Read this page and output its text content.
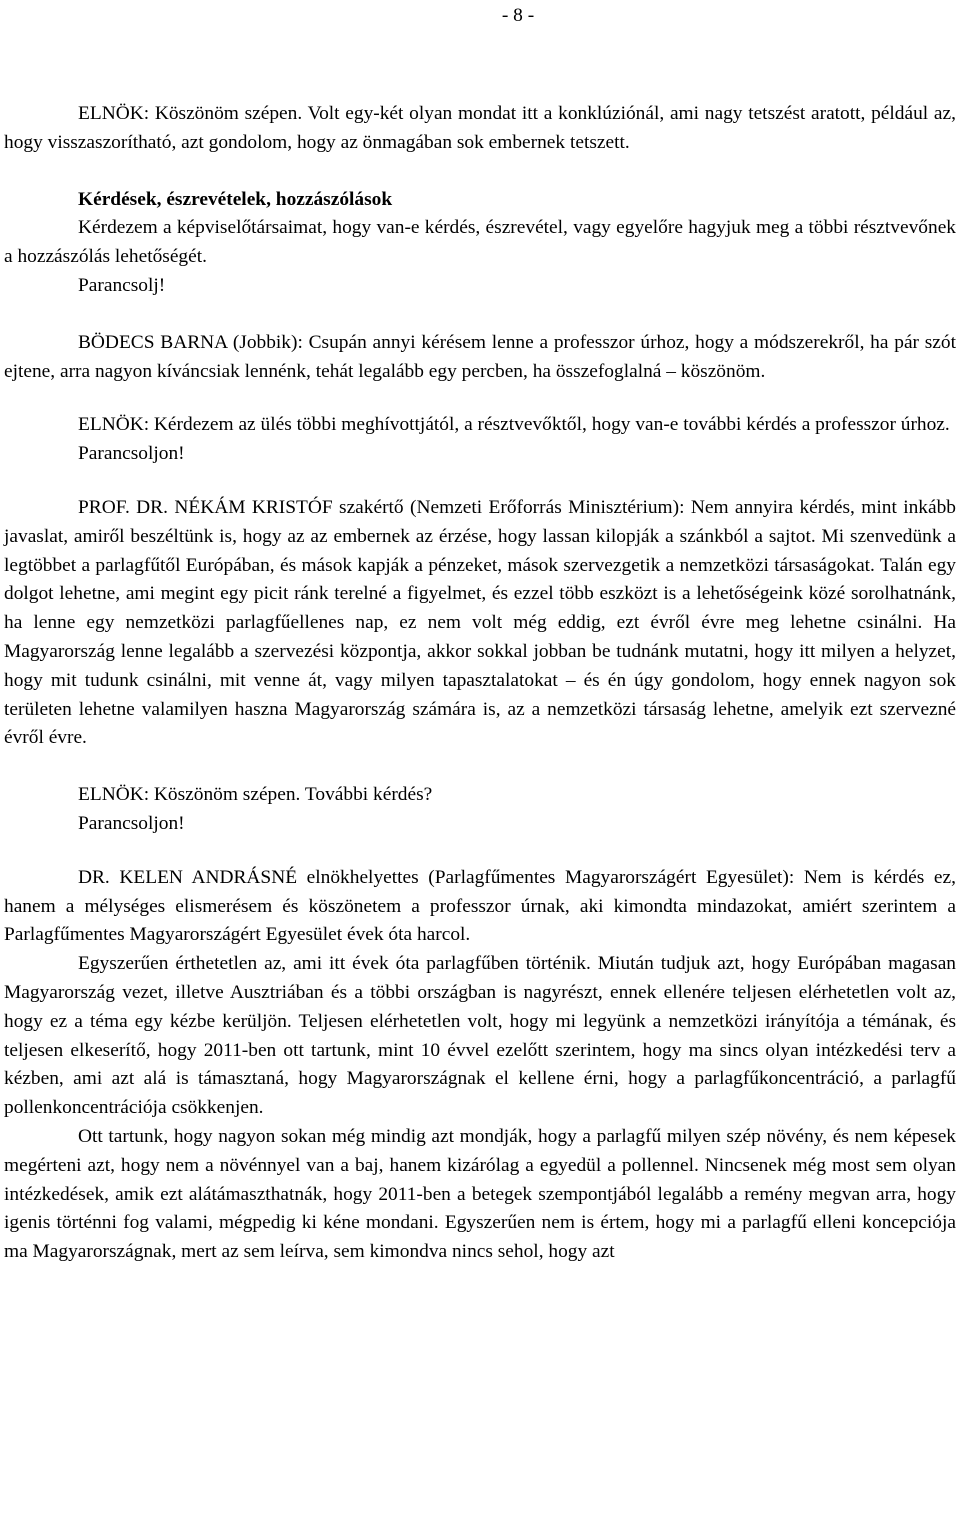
- 8 -

ELNÖK: Köszönöm szépen. Volt egy-két olyan mondat itt a konklúziónál, ami nagy tetszést aratott, például az, hogy visszaszorítható, azt gondolom, hogy az önmagában sok embernek tetszett.

Kérdések, észrevételek, hozzászólások

Kérdezem a képviselőtársaimat, hogy van-e kérdés, észrevétel, vagy egyelőre hagyjuk meg a többi résztvevőnek a hozzászólás lehetőségét.

Parancsolj!

BÖDECS BARNA (Jobbik): Csupán annyi kérésem lenne a professzor úrhoz, hogy a módszerekről, ha pár szót ejtene, arra nagyon kíváncsiak lennénk, tehát legalább egy percben, ha összefoglalná – köszönöm.

ELNÖK: Kérdezem az ülés többi meghívottjától, a résztvevőktől, hogy van-e további kérdés a professzor úrhoz.

Parancsoljon!

PROF. DR. NÉKÁM KRISTÓF szakértő (Nemzeti Erőforrás Minisztérium): Nem annyira kérdés, mint inkább javaslat, amiről beszéltünk is, hogy az az embernek az érzése, hogy lassan kilopják a szánkból a sajtot. Mi szenvedünk a legtöbbet a parlagfűtől Európában, és mások kapják a pénzeket, mások szervezgetik a nemzetközi társaságokat. Talán egy dolgot lehetne, ami megint egy picit ránk terelné a figyelmet, és ezzel több eszközt is a lehetőségeink közé sorolhatnánk, ha lenne egy nemzetközi parlagfűellenes nap, ez nem volt még eddig, ezt évről évre meg lehetne csinálni. Ha Magyarország lenne legalább a szervezési központja, akkor sokkal jobban be tudnánk mutatni, hogy itt milyen a helyzet, hogy mit tudunk csinálni, mit venne át, vagy milyen tapasztalatokat – és én úgy gondolom, hogy ennek nagyon sok területen lehetne valamilyen haszna Magyarország számára is, az a nemzetközi társaság lehetne, amelyik ezt szervezné évről évre.

ELNÖK: Köszönöm szépen. További kérdés?

Parancsoljon!

DR. KELEN ANDRÁSNÉ elnökhelyettes (Parlagfűmentes Magyarországért Egyesület): Nem is kérdés ez, hanem a mélységes elismerésem és köszönetem a professzor úrnak, aki kimondta mindazokat, amiért szerintem a Parlagfűmentes Magyarországért Egyesület évek óta harcol.

Egyszerűen érthetetlen az, ami itt évek óta parlagfűben történik. Miután tudjuk azt, hogy Európában magasan Magyarország vezet, illetve Ausztriában és a többi országban is nagyrészt, ennek ellenére teljesen elérhetetlen volt az, hogy ez a téma egy kézbe kerüljön. Teljesen elérhetetlen volt, hogy mi legyünk a nemzetközi irányítója a témának, és teljesen elkeserítő, hogy 2011-ben ott tartunk, mint 10 évvel ezelőtt szerintem, hogy ma sincs olyan intézkedési terv a kézben, ami azt alá is támasztaná, hogy Magyarországnak el kellene érni, hogy a parlagfűkoncentráció, a parlagfű pollenkoncentrációja csökkenjen.

Ott tartunk, hogy nagyon sokan még mindig azt mondják, hogy a parlagfű milyen szép növény, és nem képesek megérteni azt, hogy nem a növénnyel van a baj, hanem kizárólag a egyedül a pollennel. Nincsenek még most sem olyan intézkedések, amik ezt alátámaszthatnák, hogy 2011-ben a betegek szempontjából legalább a remény megvan arra, hogy igenis történni fog valami, mégpedig ki kéne mondani. Egyszerűen nem is értem, hogy mi a parlagfű elleni koncepciója ma Magyarországnak, mert az sem leírva, sem kimondva nincs sehol, hogy azt
